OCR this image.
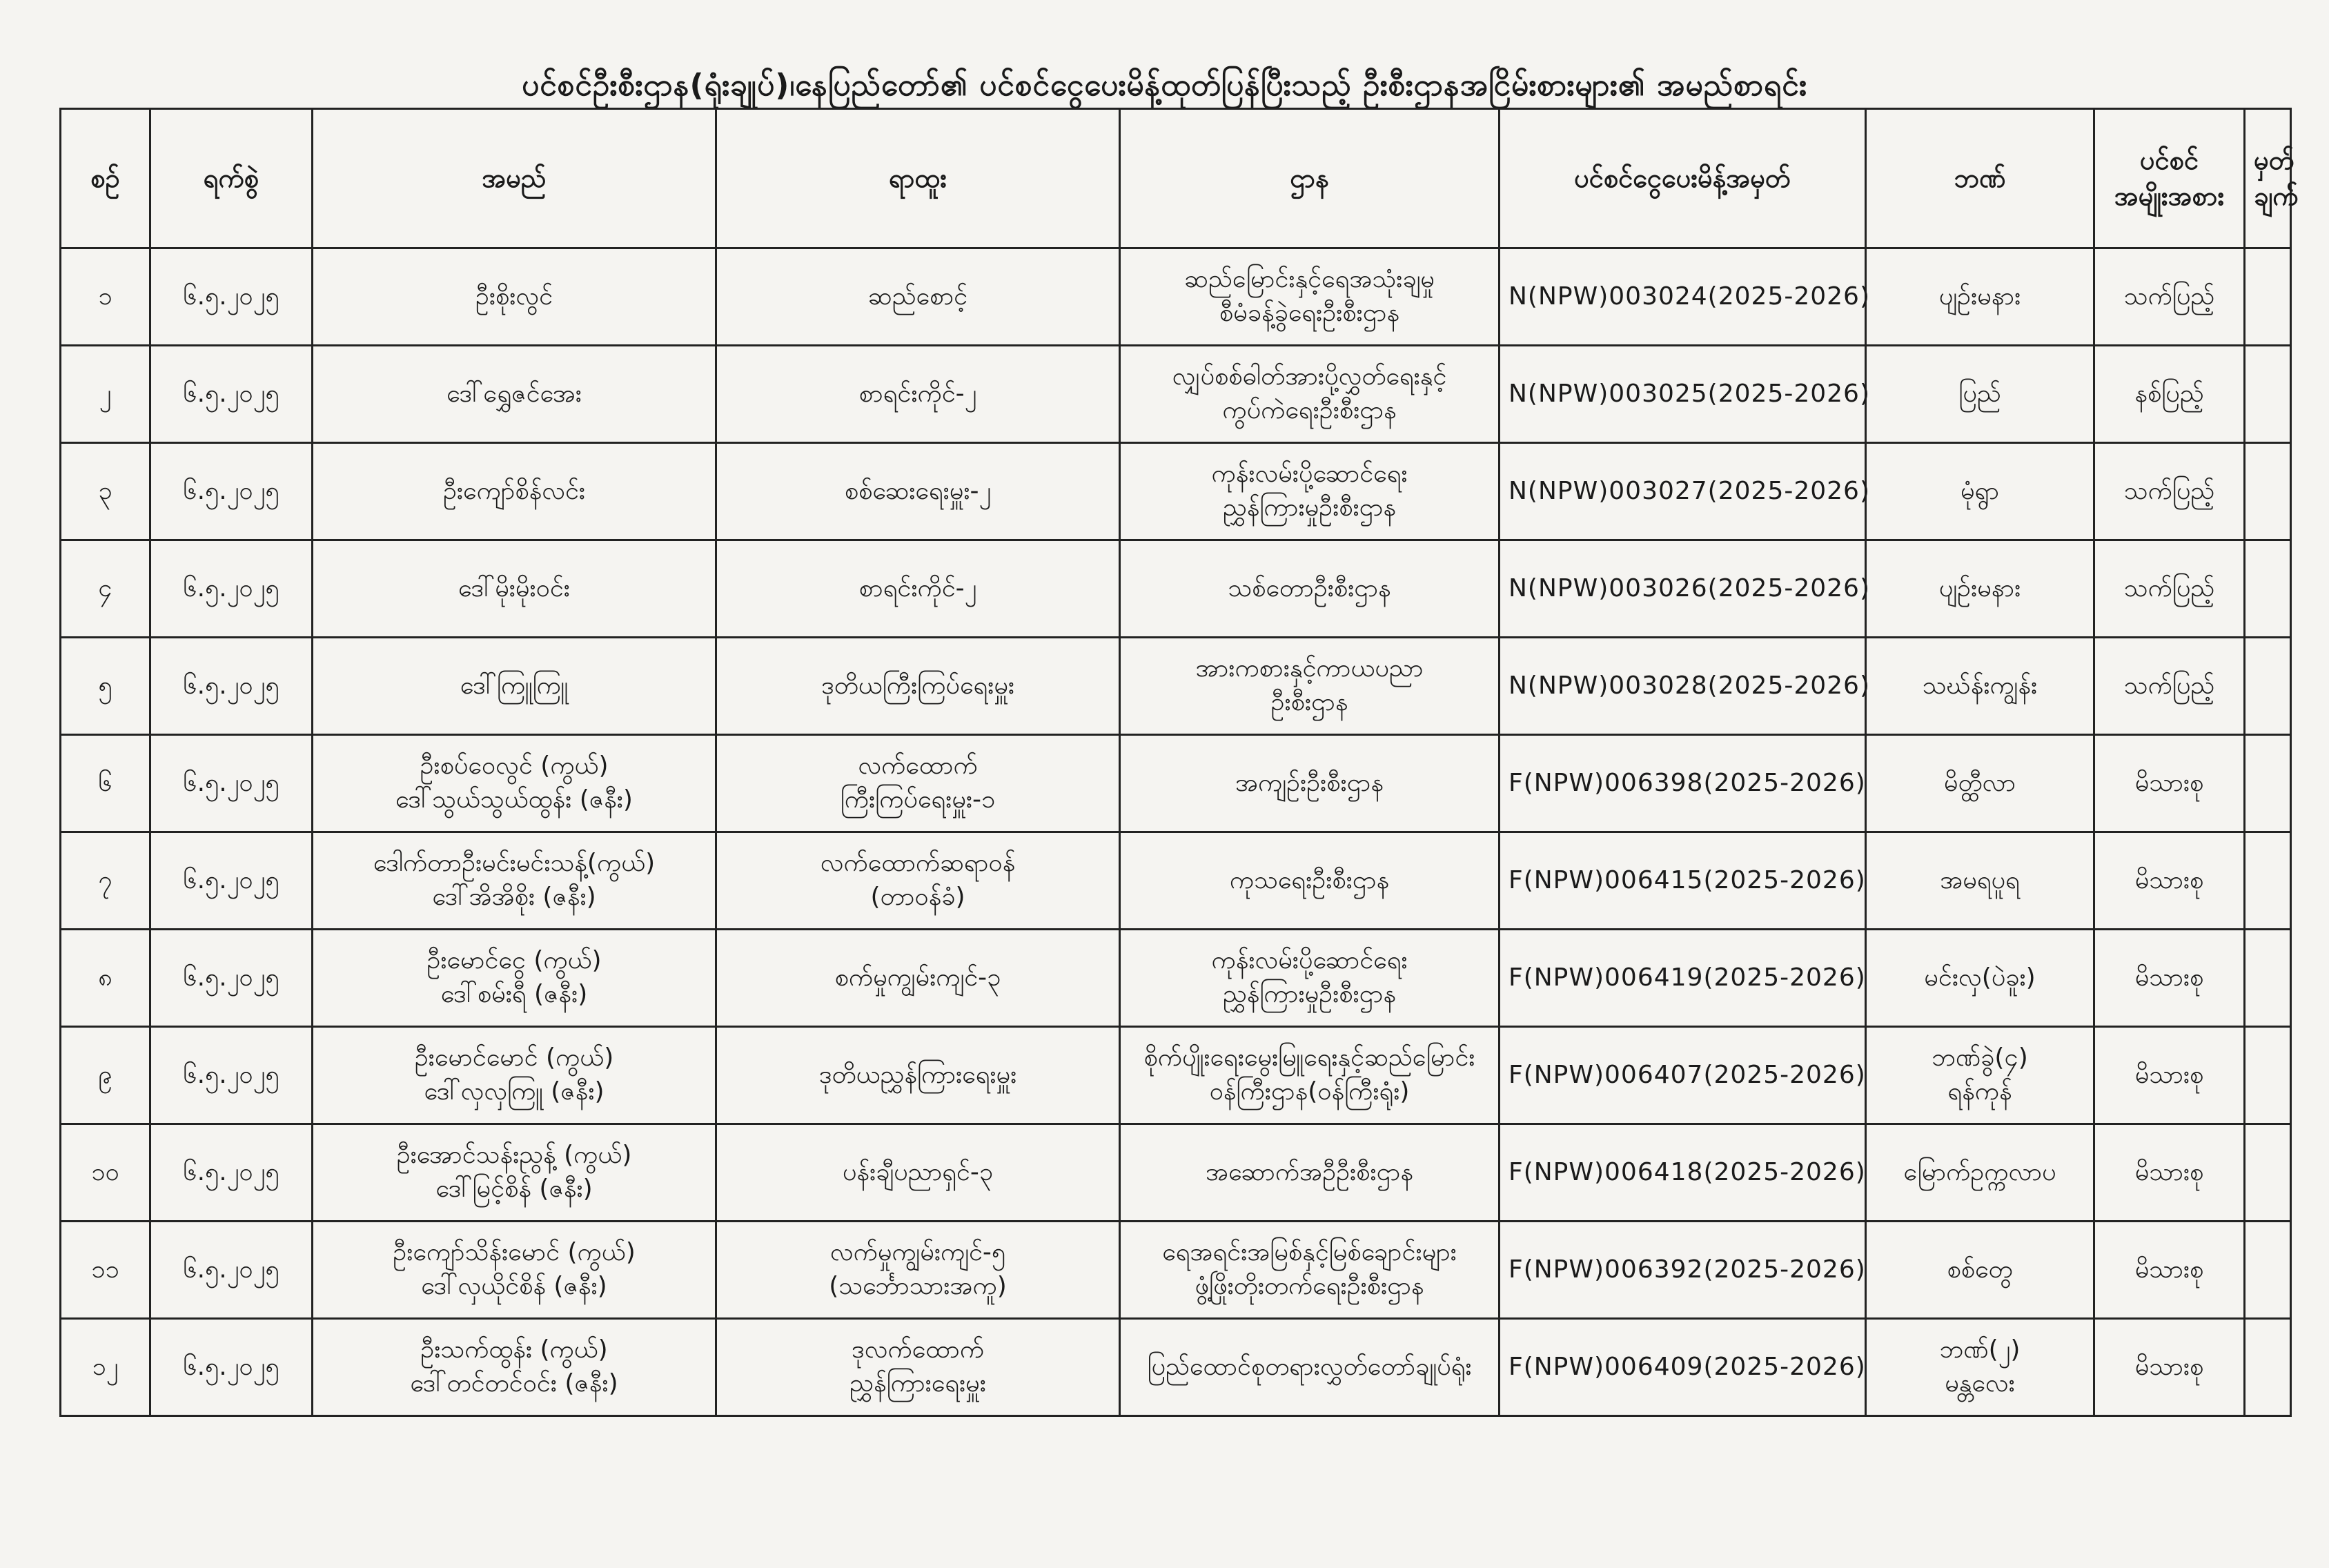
ပင်စင်ဦးစီးဌာန(ရုံးချုပ်)၊နေပြည်တော်၏ ပင်စင်ငွေပေးမိန့်ထုတ်ပြန်ပြီးသည့် ဦးစီးဌာနအငြိမ်းစားများ၏ အမည်စာရင်း
စဉ်	ရက်စွဲ	အမည်	ရာထူး	ဌာန	ပင်စင်ငွေပေးမိန့်အမှတ်	ဘဏ်	ပင်စင်
အမျိုးအစား	မှတ်
ချက်

၁	၆.၅.၂၀၂၅	ဦးစိုးလွင်	ဆည်စောင့်	ဆည်မြောင်းနှင့်ရေအသုံးချမှု
စီမံခန့်ခွဲရေးဦးစီးဌာန	N(NPW)003024(2025-2026)	ပျဉ်းမနား	သက်ပြည့်	

၂	၆.၅.၂၀၂၅	ဒေါ်ရွှေဇင်အေး	စာရင်းကိုင်-၂	လျှပ်စစ်ဓါတ်အားပို့လွှတ်ရေးနှင့်
ကွပ်ကဲရေးဦးစီးဌာန	N(NPW)003025(2025-2026)	ပြည်	နစ်ပြည့်	

၃	၆.၅.၂၀၂၅	ဦးကျော်စိန်လင်း	စစ်ဆေးရေးမှူး-၂	ကုန်းလမ်းပို့ဆောင်ရေး
ညွှန်ကြားမှုဦးစီးဌာန	N(NPW)003027(2025-2026)	မုံရွာ	သက်ပြည့်	

၄	၆.၅.၂၀၂၅	ဒေါ်မိုးမိုးဝင်း	စာရင်းကိုင်-၂	သစ်တောဦးစီးဌာန	N(NPW)003026(2025-2026)	ပျဉ်းမနား	သက်ပြည့်	

၅	၆.၅.၂၀၂၅	ဒေါ်ကြူကြူ	ဒုတိယကြီးကြပ်ရေးမှူး	အားကစားနှင့်ကာယပညာ
ဦးစီးဌာန	N(NPW)003028(2025-2026)	သဃ်န်းကျွန်း	သက်ပြည့်	

၆	၆.၅.၂၀၂၅	ဦးစပ်ဝေလွင် (ကွယ်)
ဒေါ်သွယ်သွယ်ထွန်း (ဇနီး)	လက်ထောက်
ကြီးကြပ်ရေးမှူး-၁	အကျဉ်းဦးစီးဌာန	F(NPW)006398(2025-2026)	မိတ္ထီလာ	မိသားစု	

၇	၆.၅.၂၀၂၅	ဒေါက်တာဦးမင်းမင်းသန့်(ကွယ်)
ဒေါ်အိအိစိုး (ဇနီး)	လက်ထောက်ဆရာဝန်
(တာဝန်ခံ)	ကုသရေးဦးစီးဌာန	F(NPW)006415(2025-2026)	အမရပူရ	မိသားစု	

၈	၆.၅.၂၀၂၅	ဦးမောင်ငွေ (ကွယ်)
ဒေါ်စမ်းရီ (ဇနီး)	စက်မှုကျွမ်းကျင်-၃	ကုန်းလမ်းပို့ဆောင်ရေး
ညွှန်ကြားမှုဦးစီးဌာန	F(NPW)006419(2025-2026)	မင်းလှ(ပဲခူး)	မိသားစု	

၉	၆.၅.၂၀၂၅	ဦးမောင်မောင် (ကွယ်)
ဒေါ်လှလှကြူ (ဇနီး)	ဒုတိယညွှန်ကြားရေးမှူး	စိုက်ပျိုးရေးမွေးမြူရေးနှင့်ဆည်မြောင်း
ဝန်ကြီးဌာန(ဝန်ကြီးရုံး)	F(NPW)006407(2025-2026)	ဘဏ်ခွဲ(၄)
ရန်ကုန်	မိသားစု	

၁၀	၆.၅.၂၀၂၅	ဦးအောင်သန်းညွန့် (ကွယ်)
ဒေါ်မြင့်စိန် (ဇနီး)	ပန်းချီပညာရှင်-၃	အဆောက်အဦဦးစီးဌာန	F(NPW)006418(2025-2026)	မြောက်ဥက္ကလာပ	မိသားစု	

၁၁	၆.၅.၂၀၂၅	ဦးကျော်သိန်းမောင် (ကွယ်)
ဒေါ်လှယိုင်စိန် (ဇနီး)	လက်မှုကျွမ်းကျင်-၅
(သင်္ဘောသားအကူ)	ရေအရင်းအမြစ်နှင့်မြစ်ချောင်းများ
ဖွံ့ဖြိုးတိုးတက်ရေးဦးစီးဌာန	F(NPW)006392(2025-2026)	စစ်တွေ	မိသားစု	

၁၂	၆.၅.၂၀၂၅	ဦးသက်ထွန်း (ကွယ်)
ဒေါ်တင်တင်ဝင်း (ဇနီး)	ဒုလက်ထောက်
ညွှန်ကြားရေးမှူး	ပြည်ထောင်စုတရားလွှတ်တော်ချုပ်ရုံး	F(NPW)006409(2025-2026)	ဘဏ်(၂)
မန္တလေး	မိသားစု	
